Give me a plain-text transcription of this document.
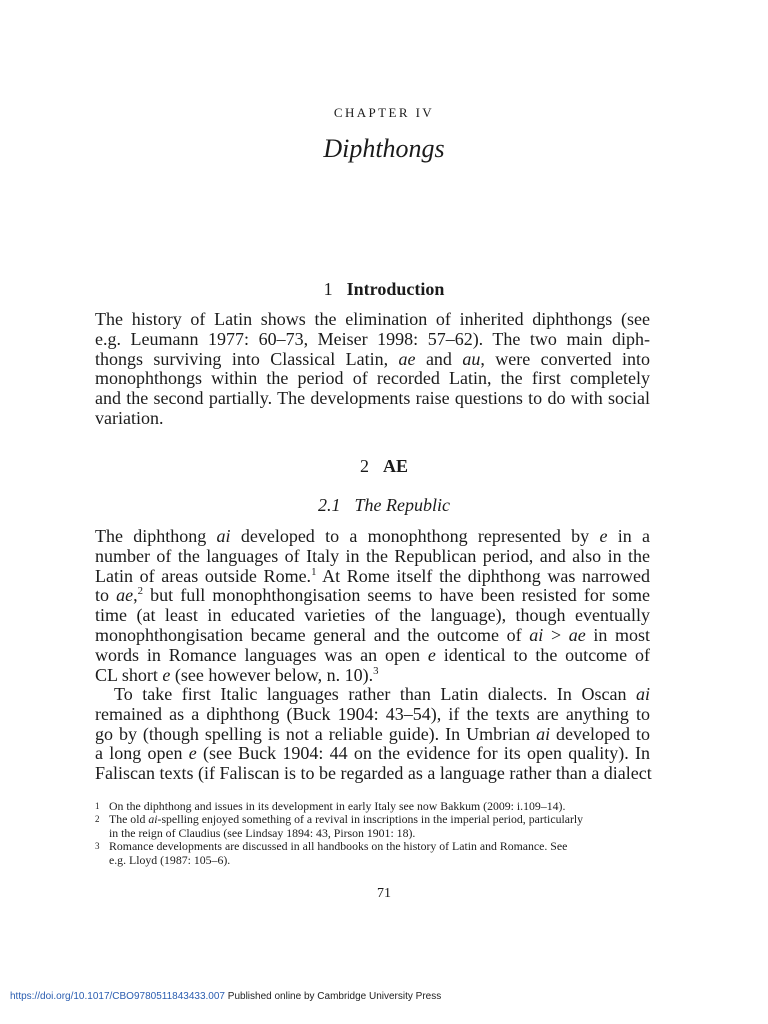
CHAPTER IV
Diphthongs
1 Introduction
The history of Latin shows the elimination of inherited diphthongs (see
e.g. Leumann 1977: 60–73, Meiser 1998: 57–62). The two main diph-
thongs surviving into Classical Latin, ae and au, were converted into
monophthongs within the period of recorded Latin, the first completely
and the second partially. The developments raise questions to do with social
variation.
2 AE
2.1 The Republic
The diphthong ai developed to a monophthong represented by e in a
number of the languages of Italy in the Republican period, and also in the
Latin of areas outside Rome.$^1$ At Rome itself the diphthong was narrowed
to ae,$^2$ but full monophthongisation seems to have been resisted for some
time (at least in educated varieties of the language), though eventually
monophthongisation became general and the outcome of ai > ae in most
words in Romance languages was an open e identical to the outcome of
CL short e (see however below, n. 10).$^3$
To take first Italic languages rather than Latin dialects. In Oscan ai
remained as a diphthong (Buck 1904: 43–54), if the texts are anything to
go by (though spelling is not a reliable guide). In Umbrian ai developed to
a long open e (see Buck 1904: 44 on the evidence for its open quality). In
Faliscan texts (if Faliscan is to be regarded as a language rather than a dialect
1 On the diphthong and issues in its development in early Italy see now Bakkum (2009: i.109–14).
2 The old ai-spelling enjoyed something of a revival in inscriptions in the imperial period, particularly
in the reign of Claudius (see Lindsay 1894: 43, Pirson 1901: 18).
3 Romance developments are discussed in all handbooks on the history of Latin and Romance. See
e.g. Lloyd (1987: 105–6).
71
https://doi.org/10.1017/CBO9780511843433.007 Published online by Cambridge University Press
